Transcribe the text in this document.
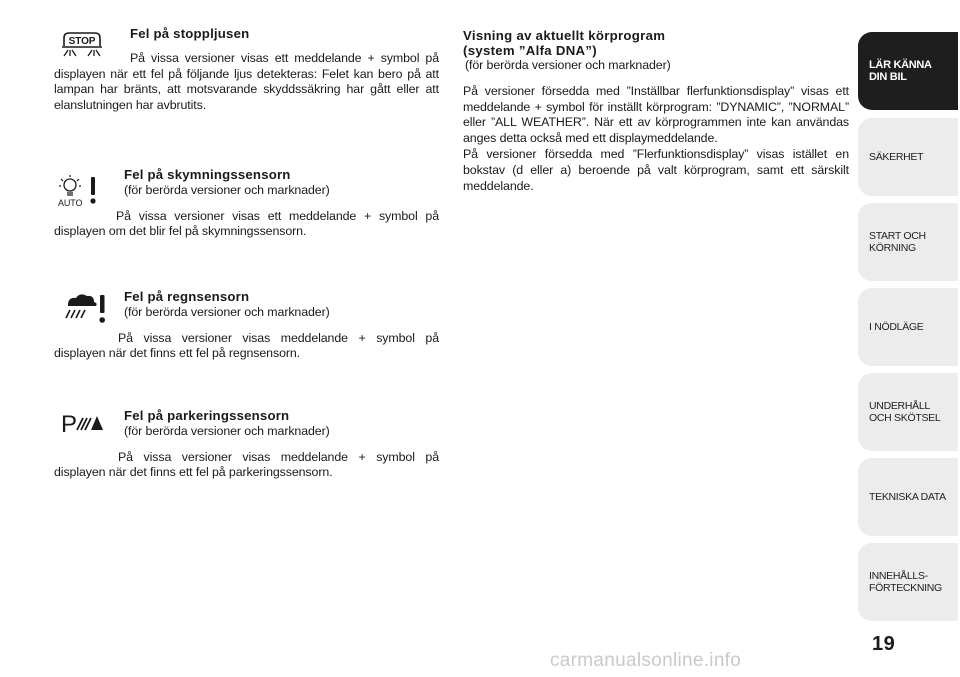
STOP
Fel på stoppljusen
På vissa versioner visas ett meddelande + symbol på displayen när ett fel på följande ljus detekteras: Felet kan bero på att lampan har bränts, att motsvarande skyddssäkring har gått eller att elanslutningen har avbrutits.
AUTO
Fel på skymningssensorn
(för berörda versioner och marknader)
På vissa versioner visas ett meddelande + symbol på displayen om det blir fel på skymningssensorn.
Fel på regnsensorn
(för berörda versioner och marknader)
På vissa versioner visas meddelande + symbol på displayen när det finns ett fel på regnsensorn.
P	Fel på parkeringssensorn
(för berörda versioner och marknader)
På vissa versioner visas meddelande + symbol på displayen när det finns ett fel på parkeringssensorn.
Visning av aktuellt körprogram
(system ”Alfa DNA”)
(för berörda versioner och marknader)
På versioner försedda med ”Inställbar flerfunktionsdisplay” visas ett meddelande + symbol för inställt körprogram: ”DYNAMIC”, ”NORMAL” eller ”ALL WEATHER”. När ett av körprogrammen inte kan användas anges detta också med ett displaymeddelande.
På versioner försedda med ”Flerfunktionsdisplay” visas istället en bokstav (d eller a) beroende på valt körprogram, samt ett särskilt meddelande.
LÄR KÄNNA
DIN BIL
SÄKERHET
START OCH
KÖRNING
I NÖDLÄGE
UNDERHÅLL
OCH SKÖTSEL
TEKNISKA DATA
INNEHÅLLS-
FÖRTECKNING
19
carmanualsonline.info
